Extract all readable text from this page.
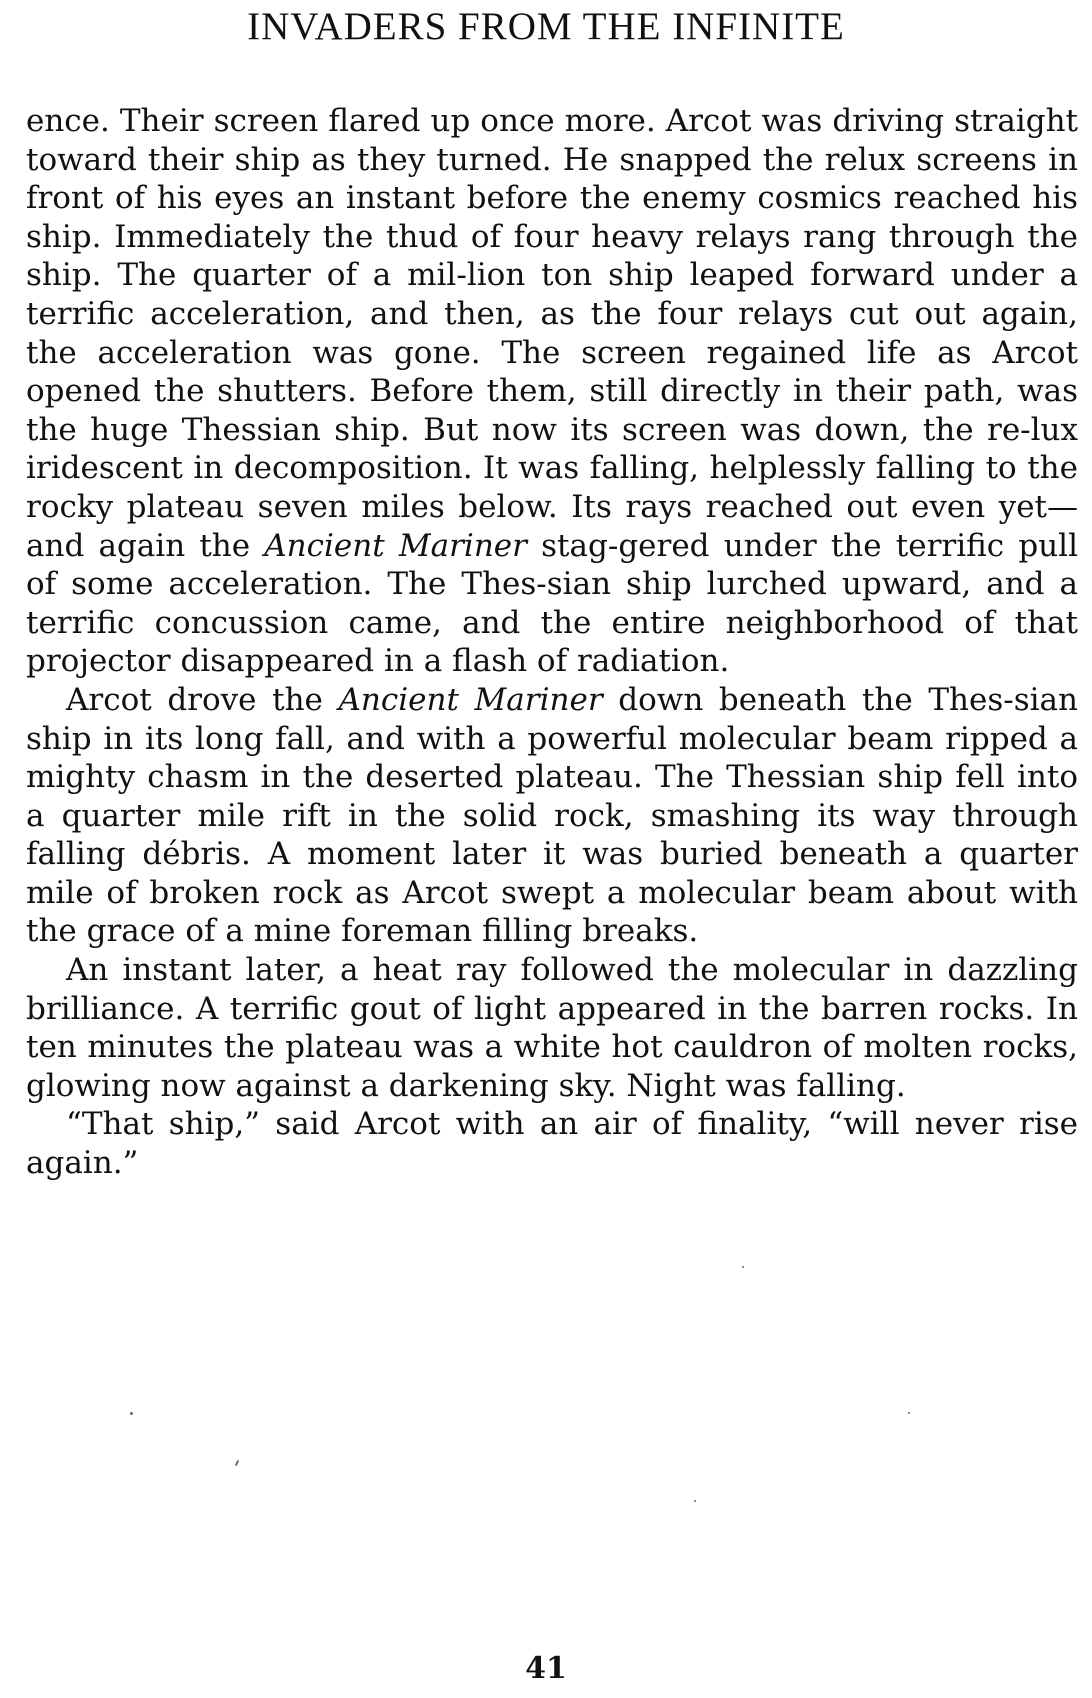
INVADERS FROM THE INFINITE

ence. Their screen flared up once more. Arcot was driving straight toward their ship as they turned. He snapped the relux screens in front of his eyes an instant before the enemy cosmics reached his ship. Immediately the thud of four heavy relays rang through the ship. The quarter of a mil-lion ton ship leaped forward under a terrific acceleration, and then, as the four relays cut out again, the acceleration was gone. The screen regained life as Arcot opened the shutters. Before them, still directly in their path, was the huge Thessian ship. But now its screen was down, the re-lux iridescent in decomposition. It was falling, helplessly falling to the rocky plateau seven miles below. Its rays reached out even yet—and again the Ancient Mariner stag-gered under the terrific pull of some acceleration. The Thes-sian ship lurched upward, and a terrific concussion came, and the entire neighborhood of that projector disappeared in a flash of radiation.

Arcot drove the Ancient Mariner down beneath the Thes-sian ship in its long fall, and with a powerful molecular beam ripped a mighty chasm in the deserted plateau. The Thessian ship fell into a quarter mile rift in the solid rock, smashing its way through falling débris. A moment later it was buried beneath a quarter mile of broken rock as Arcot swept a molecular beam about with the grace of a mine foreman filling breaks.

An instant later, a heat ray followed the molecular in dazzling brilliance. A terrific gout of light appeared in the barren rocks. In ten minutes the plateau was a white hot cauldron of molten rocks, glowing now against a darkening sky. Night was falling.

“That ship,” said Arcot with an air of finality, “will never rise again.”

41
